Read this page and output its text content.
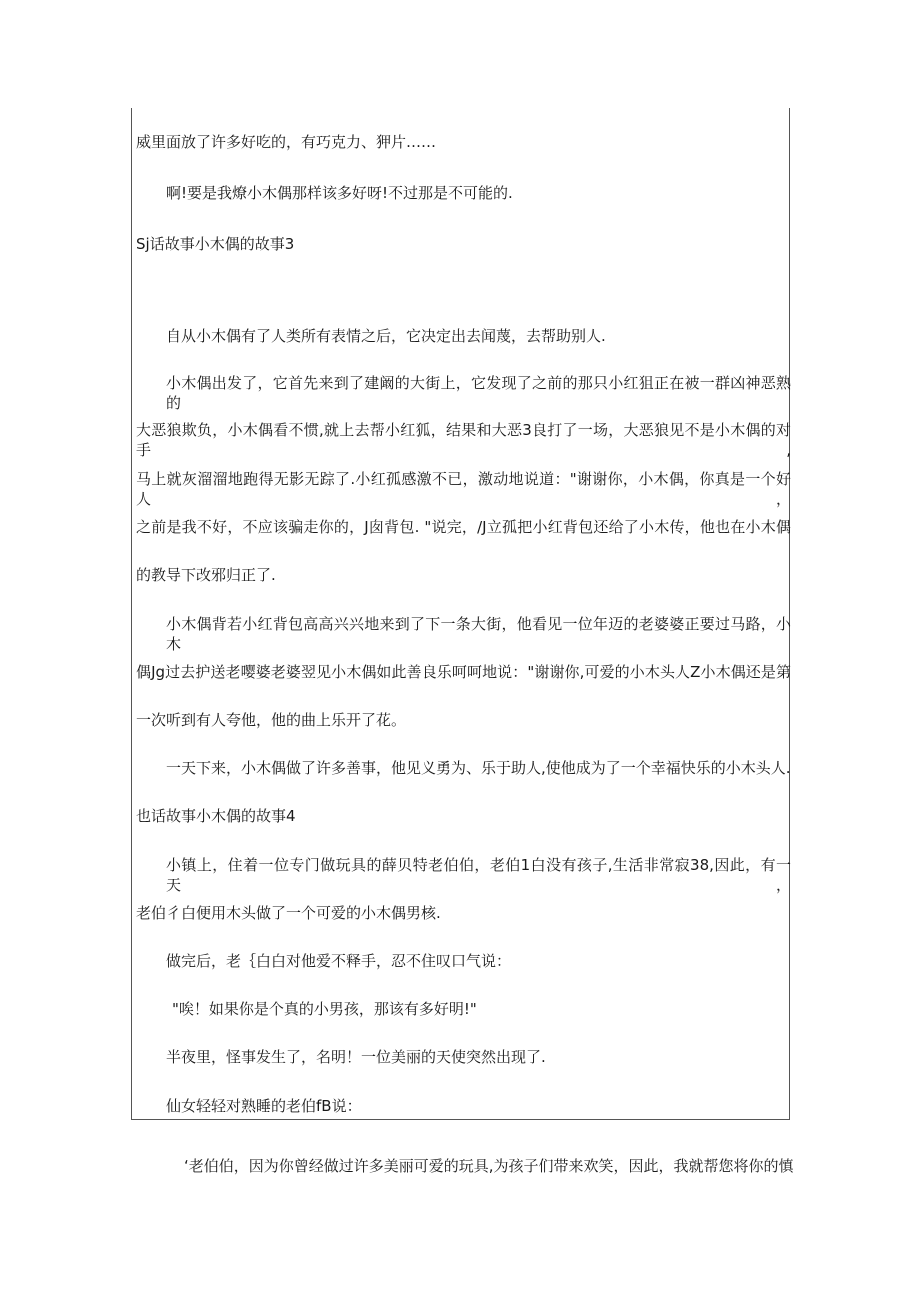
威里面放了许多好吃的，有巧克力、狎片……
啊!要是我燎小木偶那样该多好呀!不过那是不可能的.
Sj话故事小木偶的故事3
自从小木偶有了人类所有表情之后，它决定出去闻蔑，去帮助别人.
小木偶出发了，它首先来到了建阚的大街上，它发现了之前的那只小红狙正在被一群凶神恶熟的
大恶狼欺负，小木偶看不惯,就上去帮小红狐，结果和大恶3良打了一场，大恶狼见不是小木偶的对手,
马上就灰溜溜地跑得无影无踪了.小红孤感激不已，激动地说道："谢谢你，小木偶，你真是一个好人，
之前是我不好，不应该骗走你的，J囱背包. "说完，/J立孤把小红背包还给了小木传，他也在小木偶
的教导下改邪归正了.
小木偶背若小红背包高高兴兴地来到了下一条大街，他看见一位年迈的老婆婆正要过马路，小木
偶Jg过去护送老嘤婆老婆翌见小木偶如此善良乐呵呵地说："谢谢你,可爱的小木头人Z小木偶还是第
一次听到有人夸他，他的曲上乐开了花。
一天下来，小木偶做了许多善事，他见义勇为、乐于助人,使他成为了一个幸福快乐的小木头人.
也话故事小木偶的故事4
小镇上，住着一位专门做玩具的薛贝特老伯伯，老伯1白没有孩子,生活非常寂38,因此，有一天，
老伯彳白便用木头做了一个可爱的小木偶男核.
做完后，老｛白白对他爱不释手，忍不住叹口气说：
"唉！如果你是个真的小男孩，那该有多好明!"
半夜里，怪事发生了，名明！一位美丽的天使突然出现了.
仙女轻轻对熟睡的老伯fB说：
‘老伯伯，因为你曾经做过许多美丽可爱的玩具,为孩子们带来欢笑，因此，我就帮您将你的慎
